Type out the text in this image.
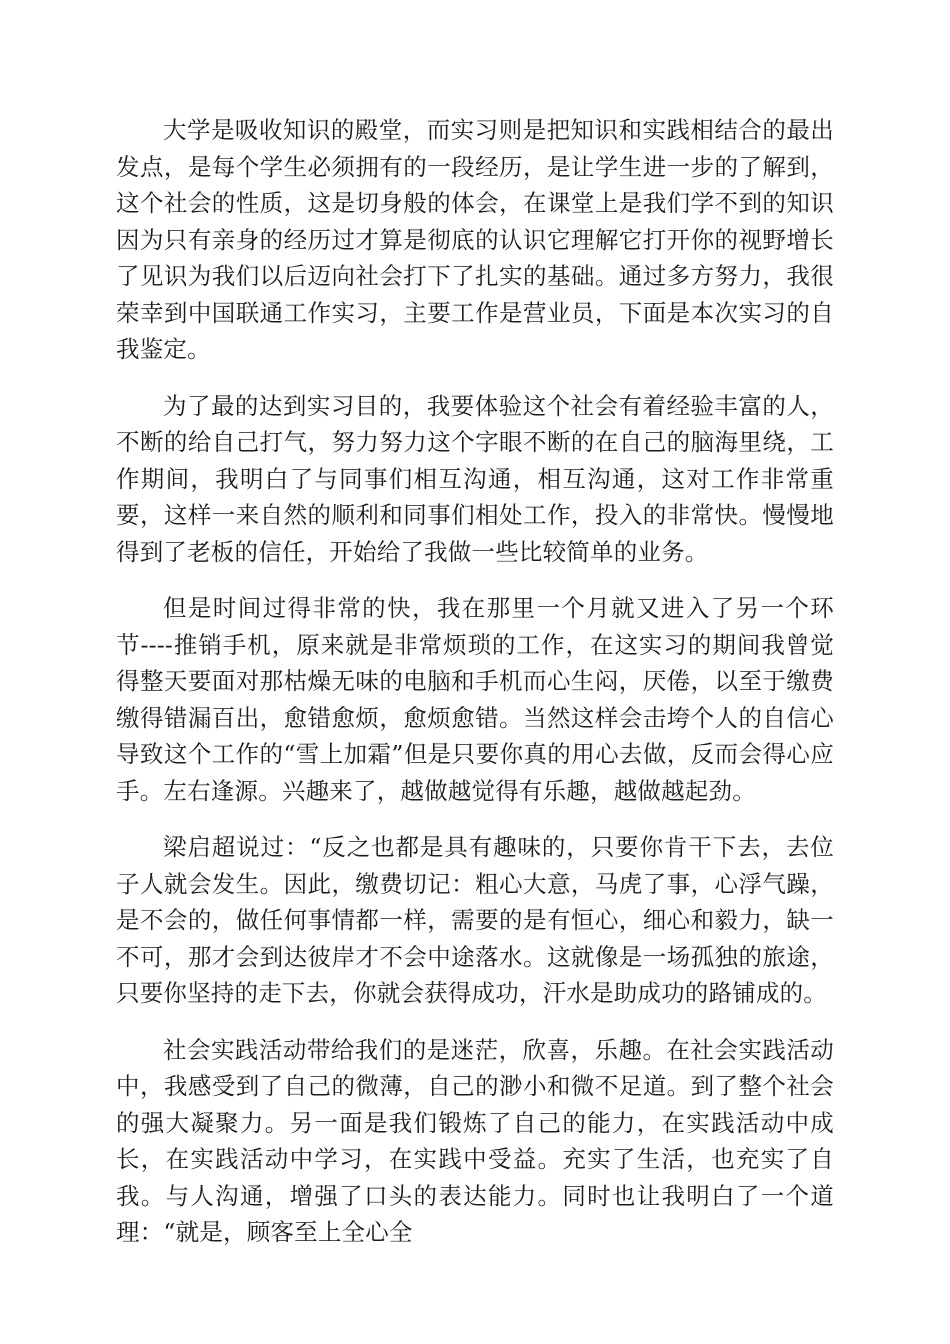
大学是吸收知识的殿堂，而实习则是把知识和实践相结合的最出发点，是每个学生必须拥有的一段经历，是让学生进一步的了解到，这个社会的性质，这是切身般的体会，在课堂上是我们学不到的知识因为只有亲身的经历过才算是彻底的认识它理解它打开你的视野增长了见识为我们以后迈向社会打下了扎实的基础。通过多方努力，我很荣幸到中国联通工作实习，主要工作是营业员，下面是本次实习的自我鉴定。

为了最的达到实习目的，我要体验这个社会有着经验丰富的人，不断的给自己打气，努力努力这个字眼不断的在自己的脑海里绕，工作期间，我明白了与同事们相互沟通，相互沟通，这对工作非常重要，这样一来自然的顺利和同事们相处工作，投入的非常快。慢慢地得到了老板的信任，开始给了我做一些比较简单的业务。

但是时间过得非常的快，我在那里一个月就又进入了另一个环节----推销手机，原来就是非常烦琐的工作，在这实习的期间我曾觉得整天要面对那枯燥无味的电脑和手机而心生闷，厌倦，以至于缴费缴得错漏百出，愈错愈烦，愈烦愈错。当然这样会击垮个人的自信心导致这个工作的“雪上加霜”但是只要你真的用心去做，反而会得心应手。左右逢源。兴趣来了，越做越觉得有乐趣，越做越起劲。

梁启超说过：“反之也都是具有趣味的，只要你肯干下去，去位子人就会发生。因此，缴费切记：粗心大意，马虎了事，心浮气躁，是不会的，做任何事情都一样，需要的是有恒心，细心和毅力，缺一不可，那才会到达彼岸才不会中途落水。这就像是一场孤独的旅途，只要你坚持的走下去，你就会获得成功，汗水是助成功的路铺成的。

社会实践活动带给我们的是迷茫，欣喜，乐趣。在社会实践活动中，我感受到了自己的微薄，自己的渺小和微不足道。到了整个社会的强大凝聚力。另一面是我们锻炼了自己的能力，在实践活动中成长，在实践活动中学习，在实践中受益。充实了生活，也充实了自我。与人沟通，增强了口头的表达能力。同时也让我明白了一个道理：“就是，顾客至上全心全
